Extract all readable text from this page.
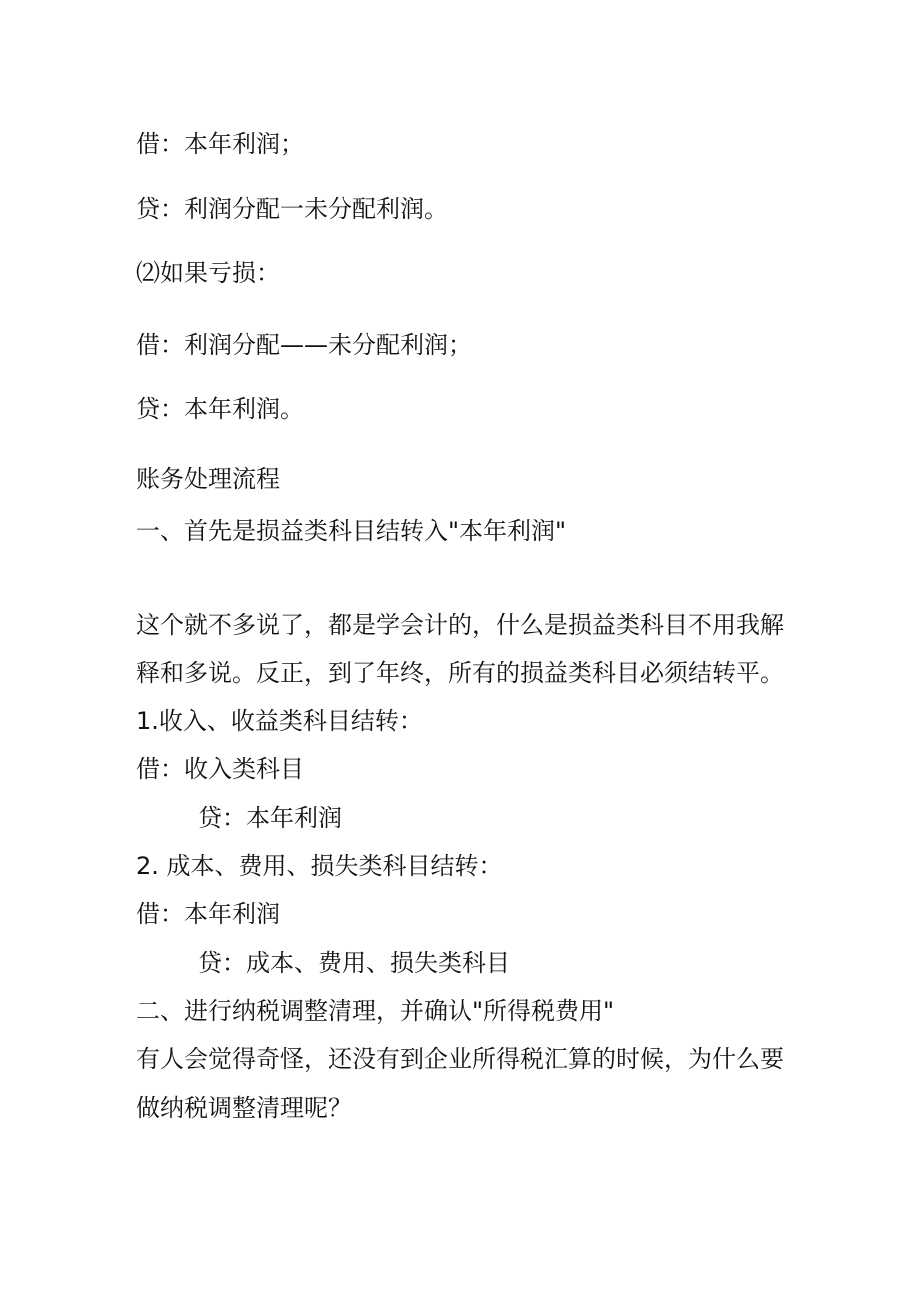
借：本年利润；
贷：利润分配一未分配利润。
⑵如果亏损：
借：利润分配——未分配利润；
贷：本年利润。
账务处理流程
一、首先是损益类科目结转入"本年利润"
这个就不多说了，都是学会计的，什么是损益类科目不用我解
释和多说。反正，到了年终，所有的损益类科目必须结转平。
1.收入、收益类科目结转：
借：收入类科目
贷：本年利润
2. 成本、费用、损失类科目结转：
借：本年利润
贷：成本、费用、损失类科目
二、进行纳税调整清理，并确认"所得税费用"
有人会觉得奇怪，还没有到企业所得税汇算的时候，为什么要
做纳税调整清理呢？
